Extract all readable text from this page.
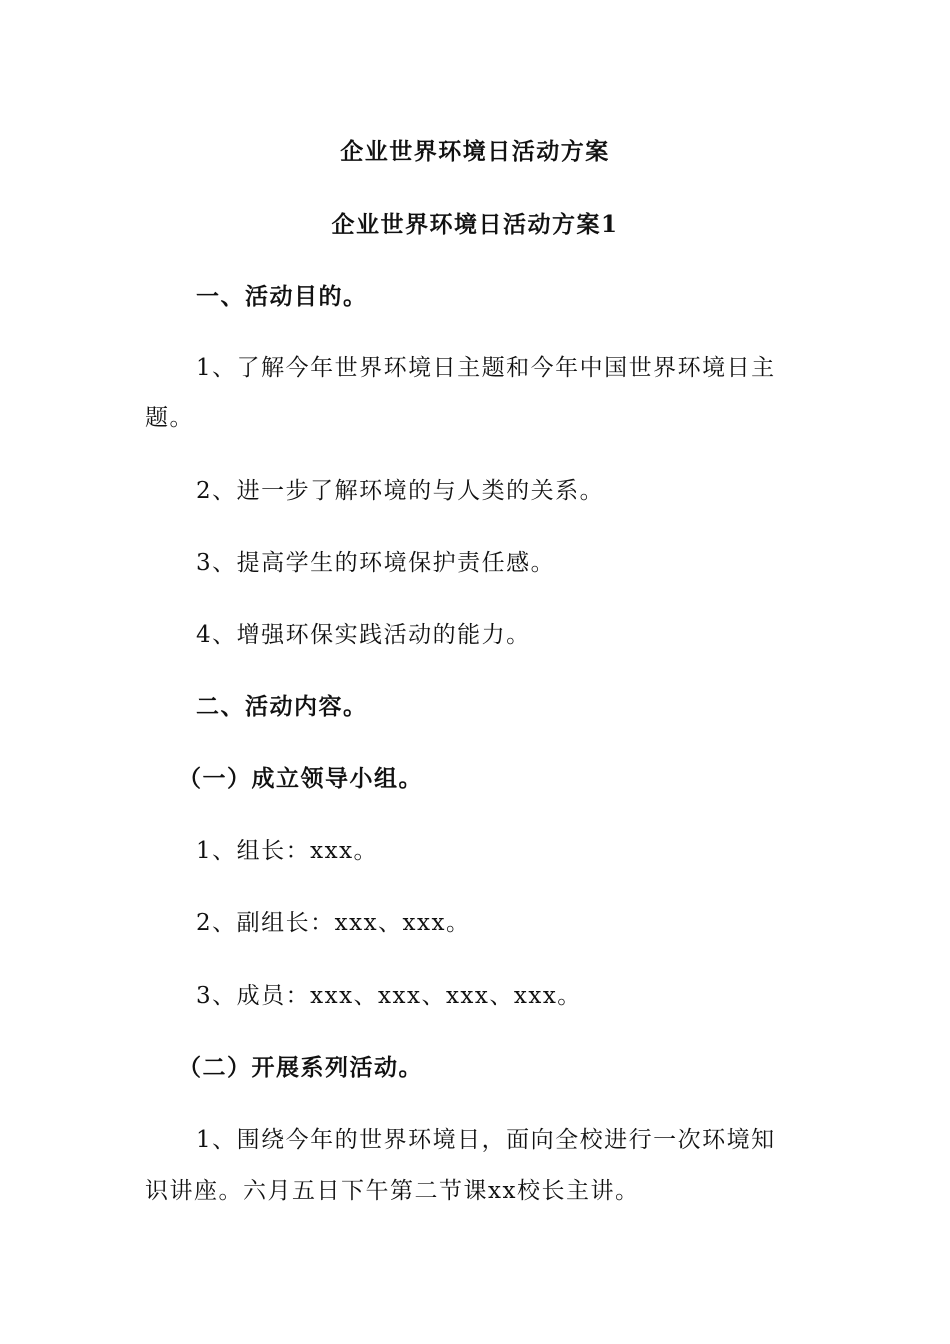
企业世界环境日活动方案
企业世界环境日活动方案1
一、活动目的。
1、了解今年世界环境日主题和今年中国世界环境日主
题。
2、进一步了解环境的与人类的关系。
3、提高学生的环境保护责任感。
4、增强环保实践活动的能力。
二、活动内容。
（一）成立领导小组。
1、组长：xxx。
2、副组长：xxx、xxx。
3、成员：xxx、xxx、xxx、xxx。
（二）开展系列活动。
1、围绕今年的世界环境日，面向全校进行一次环境知
识讲座。六月五日下午第二节课xx校长主讲。
